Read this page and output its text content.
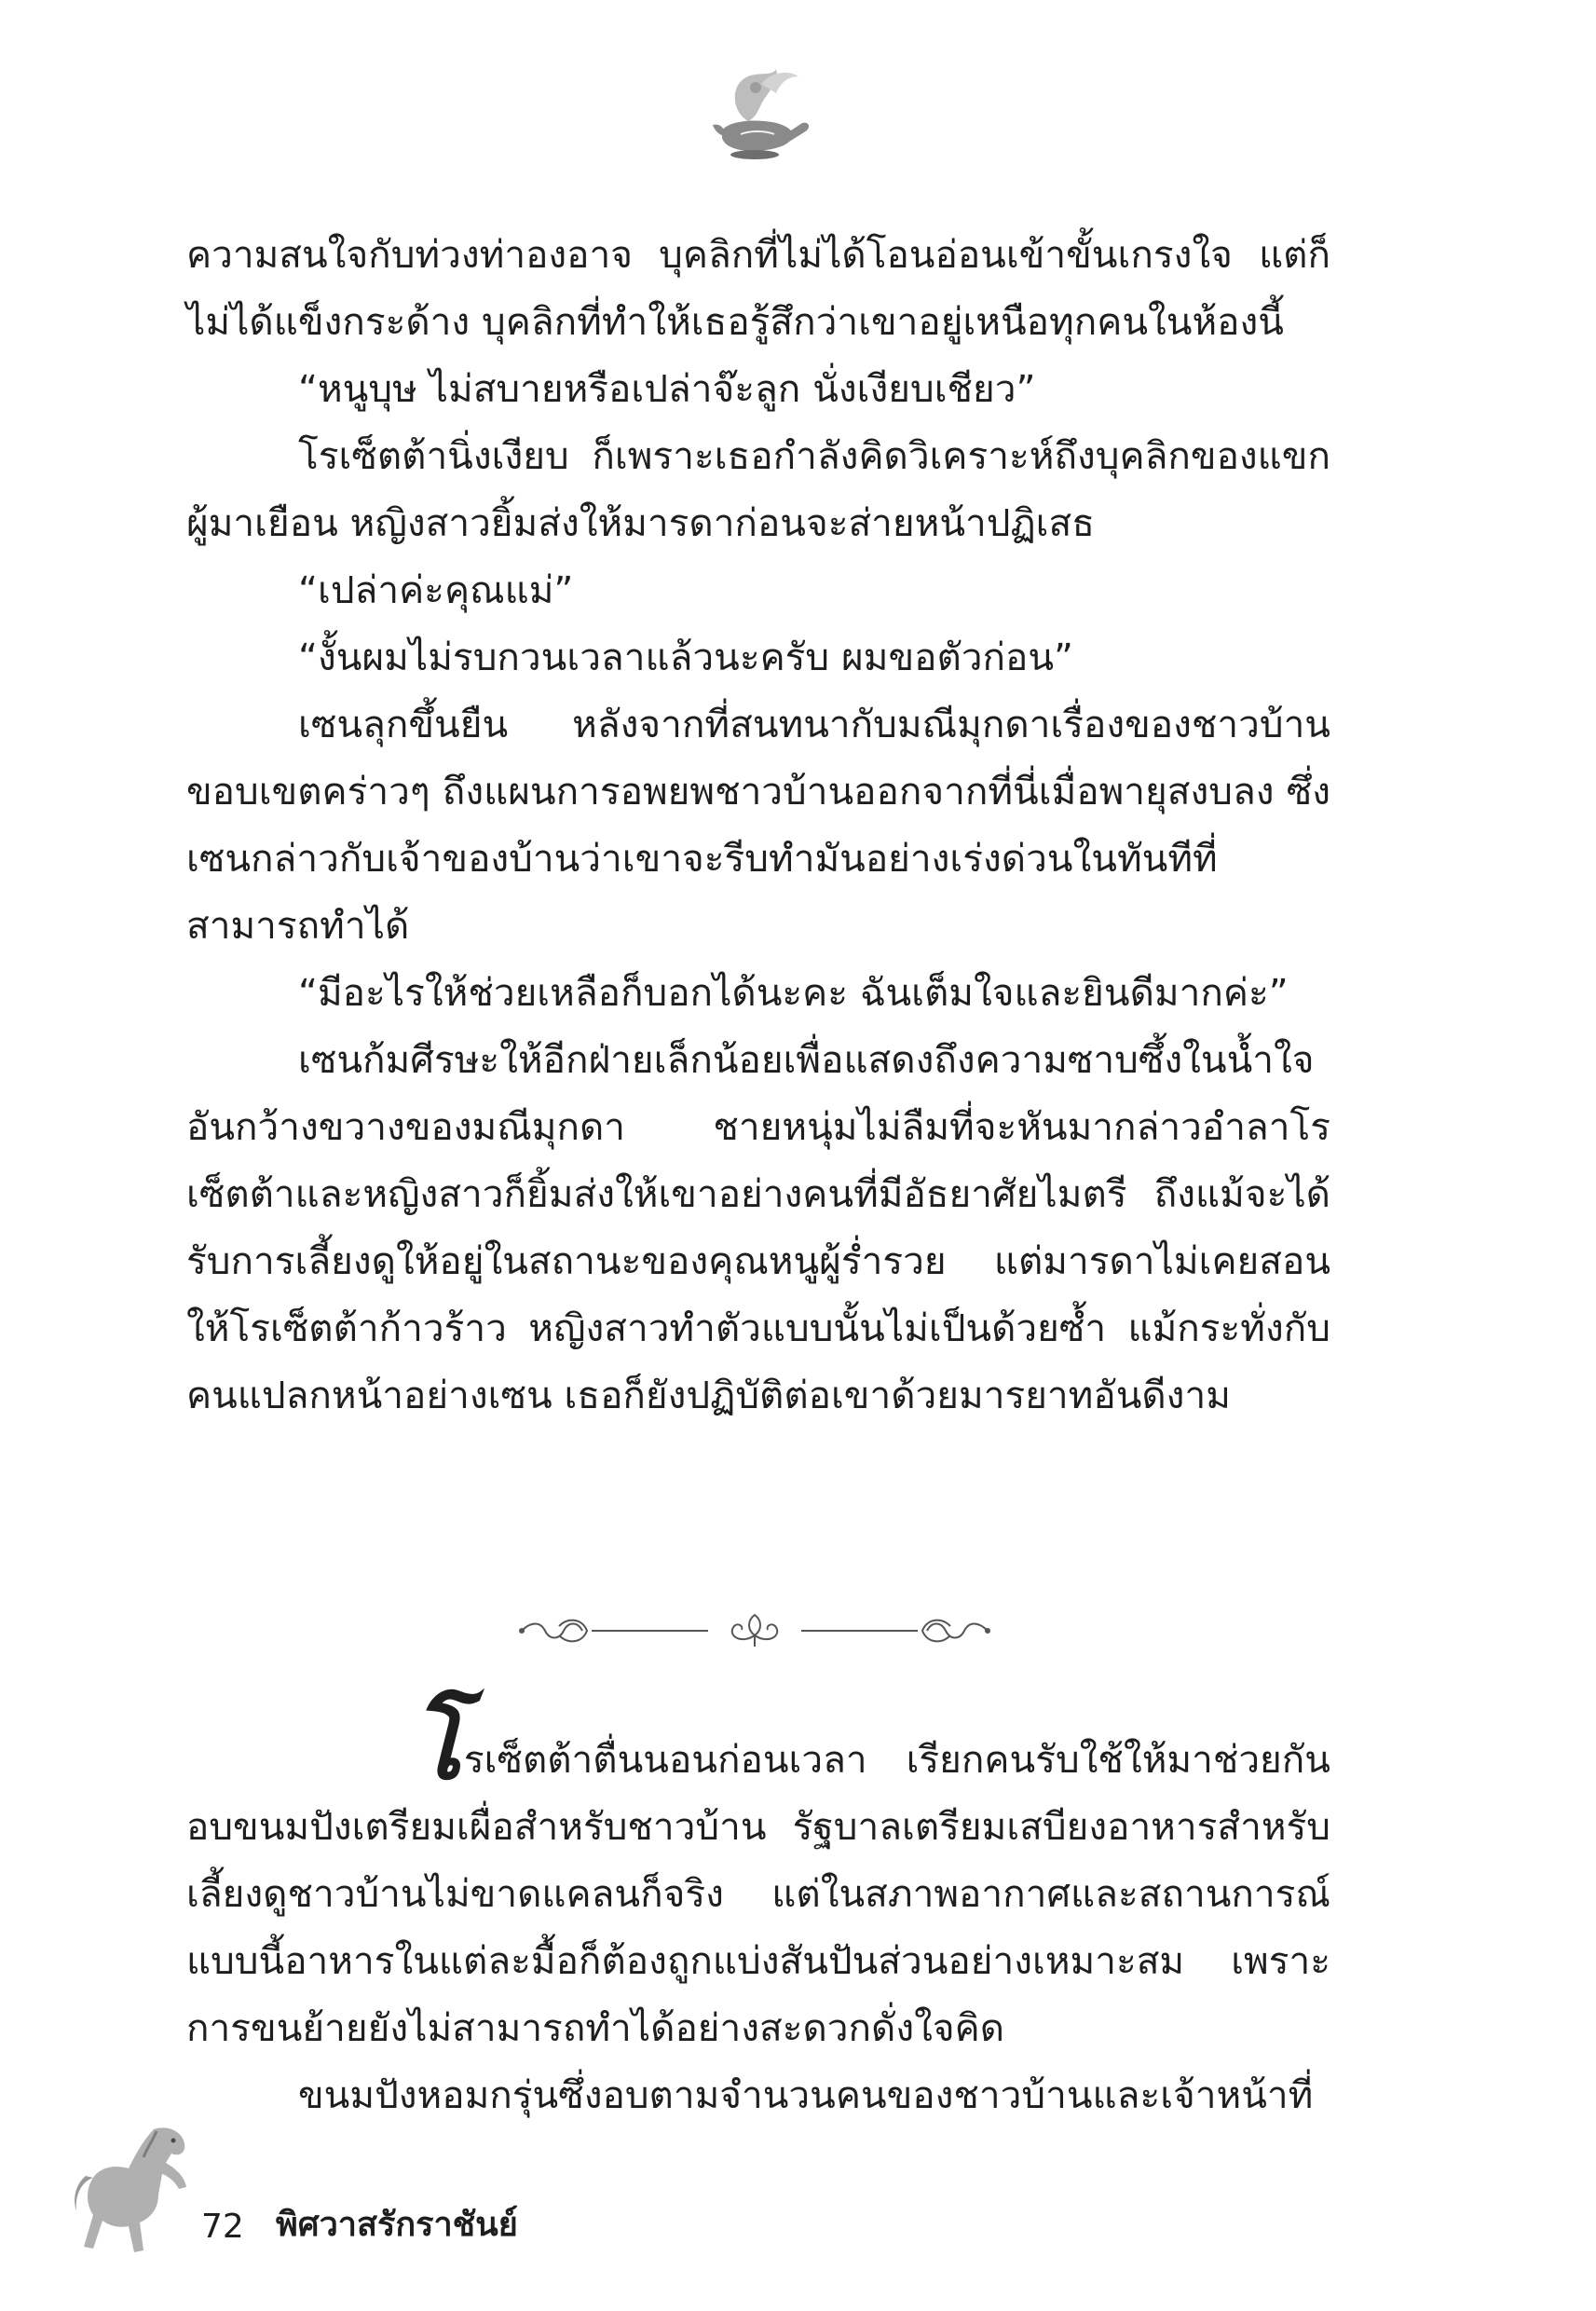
ความสนใจกับท่วงท่าองอาจ บุคลิกที่ไม่ได้โอนอ่อนเข้าขั้นเกรงใจ แต่ก็ไม่ได้แข็งกระด้าง บุคลิกที่ทำให้เธอรู้สึกว่าเขาอยู่เหนือทุกคนในห้องนี้

“หนูบุษ ไม่สบายหรือเปล่าจ๊ะลูก นั่งเงียบเชียว”

โรเซ็ตต้านิ่งเงียบ ก็เพราะเธอกำลังคิดวิเคราะห์ถึงบุคลิกของแขกผู้มาเยือน หญิงสาวยิ้มส่งให้มารดาก่อนจะส่ายหน้าปฏิเสธ

“เปล่าค่ะคุณแม่”

“งั้นผมไม่รบกวนเวลาแล้วนะครับ ผมขอตัวก่อน”

เซนลุกขึ้นยืน หลังจากที่สนทนากับมณีมุกดาเรื่องของชาวบ้านขอบเขตคร่าวๆ ถึงแผนการอพยพชาวบ้านออกจากที่นี่เมื่อพายุสงบลง ซึ่งเซนกล่าวกับเจ้าของบ้านว่าเขาจะรีบทำมันอย่างเร่งด่วนในทันทีที่สามารถทำได้

“มีอะไรให้ช่วยเหลือก็บอกได้นะคะ ฉันเต็มใจและยินดีมากค่ะ”

เซนก้มศีรษะให้อีกฝ่ายเล็กน้อยเพื่อแสดงถึงความซาบซึ้งในน้ำใจอันกว้างขวางของมณีมุกดา ชายหนุ่มไม่ลืมที่จะหันมากล่าวอำลาโรเซ็ตต้าและหญิงสาวก็ยิ้มส่งให้เขาอย่างคนที่มีอัธยาศัยไมตรี ถึงแม้จะได้รับการเลี้ยงดูให้อยู่ในสถานะของคุณหนูผู้ร่ำรวย แต่มารดาไม่เคยสอนให้โรเซ็ตต้าก้าวร้าว หญิงสาวทำตัวแบบนั้นไม่เป็นด้วยซ้ำ แม้กระทั่งกับคนแปลกหน้าอย่างเซน เธอก็ยังปฏิบัติต่อเขาด้วยมารยาทอันดีงาม

โรเซ็ตต้าตื่นนอนก่อนเวลา เรียกคนรับใช้ให้มาช่วยกันอบขนมปังเตรียมเผื่อสำหรับชาวบ้าน รัฐบาลเตรียมเสบียงอาหารสำหรับเลี้ยงดูชาวบ้านไม่ขาดแคลนก็จริง แต่ในสภาพอากาศและสถานการณ์แบบนี้อาหารในแต่ละมื้อก็ต้องถูกแบ่งสันปันส่วนอย่างเหมาะสม เพราะการขนย้ายยังไม่สามารถทำได้อย่างสะดวกดั่งใจคิด

ขนมปังหอมกรุ่นซึ่งอบตามจำนวนคนของชาวบ้านและเจ้าหน้าที่

72 พิศวาสรักราชันย์
